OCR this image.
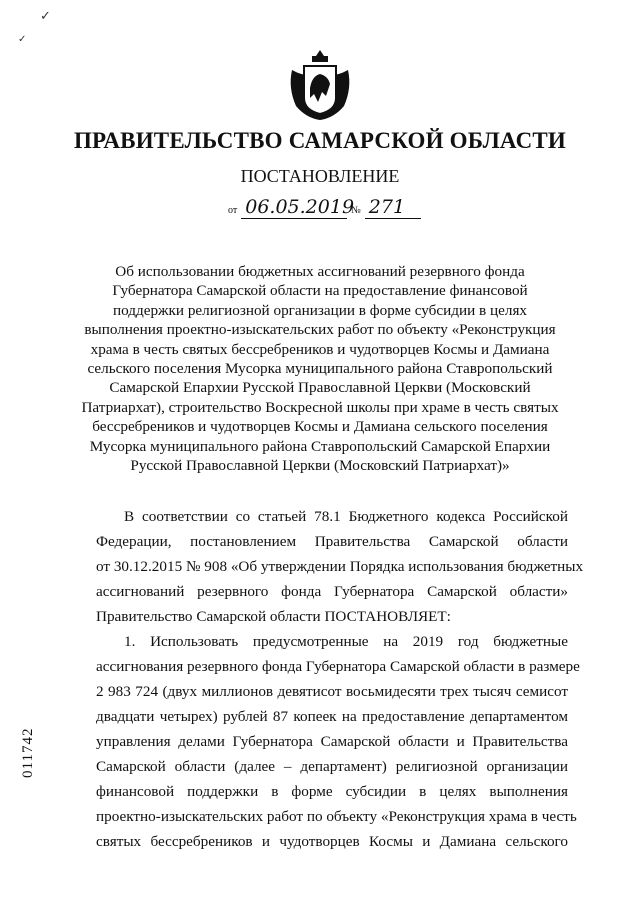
✓
✓
ПРАВИТЕЛЬСТВО САМАРСКОЙ ОБЛАСТИ
ПОСТАНОВЛЕНИЕ
от 06.05.2019 № 271
Об использовании бюджетных ассигнований резервного фонда
Губернатора Самарской области на предоставление финансовой
поддержки религиозной организации в форме субсидии в целях
выполнения проектно-изыскательских работ по объекту «Реконструкция
храма в честь святых бессребреников и чудотворцев Космы и Дамиана
сельского поселения Мусорка муниципального района Ставропольский
Самарской Епархии Русской Православной Церкви (Московский
Патриархат), строительство Воскресной школы при храме в честь святых
бессребреников и чудотворцев Космы и Дамиана сельского поселения
Мусорка муниципального района Ставропольский Самарской Епархии
Русской Православной Церкви (Московский Патриархат)»
В соответствии со статьей 78.1 Бюджетного кодекса Российской
Федерации, постановлением Правительства Самарской области
от 30.12.2015 № 908 «Об утверждении Порядка использования бюджетных
ассигнований резервного фонда Губернатора Самарской области»
Правительство Самарской области ПОСТАНОВЛЯЕТ:
1. Использовать предусмотренные на 2019 год бюджетные
ассигнования резервного фонда Губернатора Самарской области в размере
2 983 724 (двух миллионов девятисот восьмидесяти трех тысяч семисот
двадцати четырех) рублей 87 копеек на предоставление департаментом
управления делами Губернатора Самарской области и Правительства
Самарской области (далее – департамент) религиозной организации
финансовой поддержки в форме субсидии в целях выполнения
проектно-изыскательских работ по объекту «Реконструкция храма в честь
святых бессребреников и чудотворцев Космы и Дамиана сельского
011742
